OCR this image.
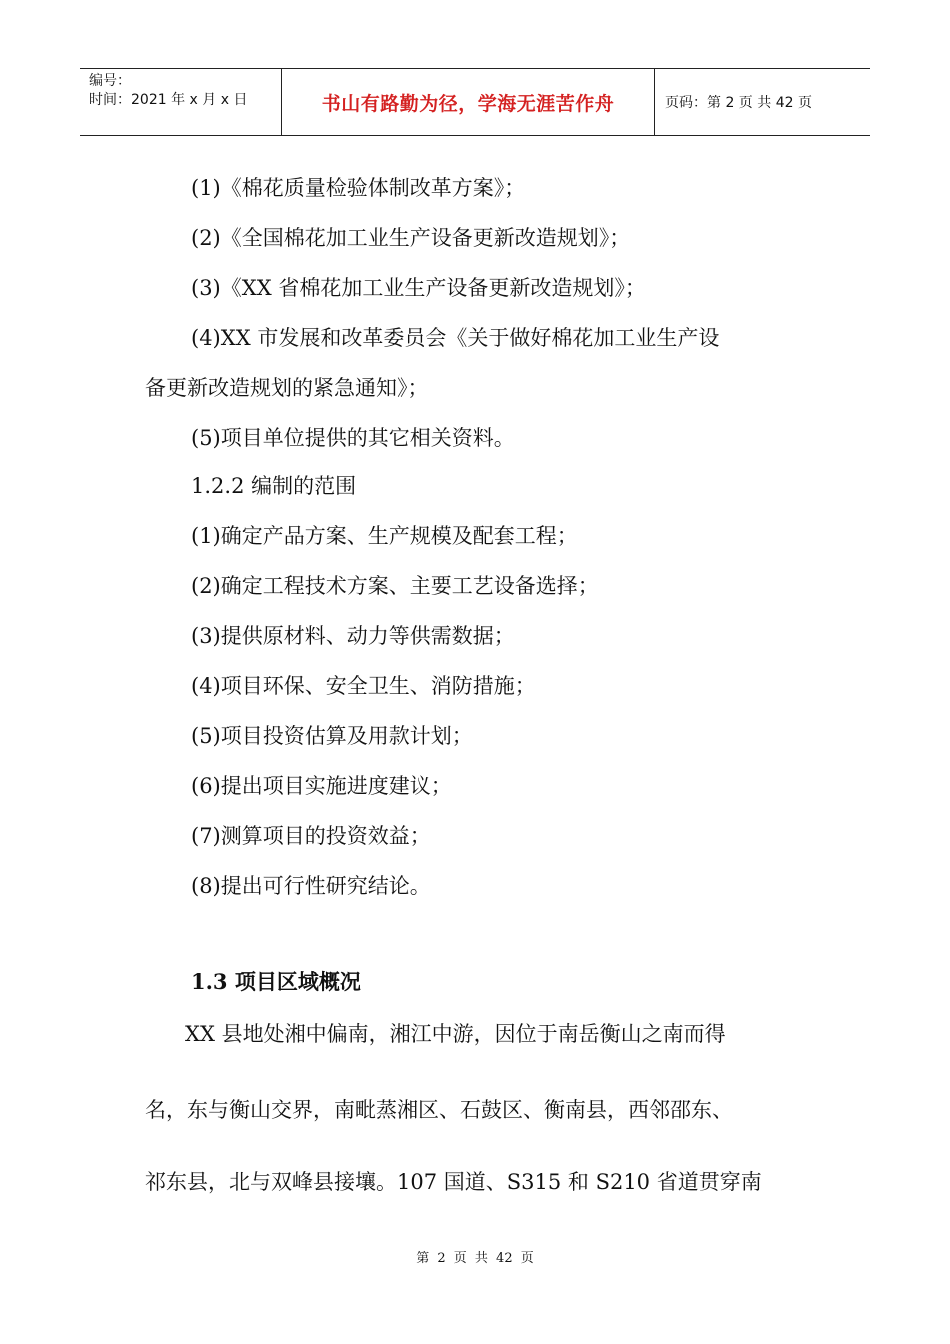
编号：
时间：2021 年 x 月 x 日	书山有路勤为径，学海无涯苦作舟	页码：第 2 页 共 42 页
(1)《棉花质量检验体制改革方案》；
(2)《全国棉花加工业生产设备更新改造规划》；
(3)《XX 省棉花加工业生产设备更新改造规划》；
(4)XX 市发展和改革委员会《关于做好棉花加工业生产设
备更新改造规划的紧急通知》；
(5)项目单位提供的其它相关资料。
1.2.2 编制的范围
(1)确定产品方案、生产规模及配套工程；
(2)确定工程技术方案、主要工艺设备选择；
(3)提供原材料、动力等供需数据；
(4)项目环保、安全卫生、消防措施；
(5)项目投资估算及用款计划；
(6)提出项目实施进度建议；
(7)测算项目的投资效益；
(8)提出可行性研究结论。
1.3 项目区域概况
XX 县地处湘中偏南，湘江中游，因位于南岳衡山之南而得
名，东与衡山交界，南毗蒸湘区、石鼓区、衡南县，西邻邵东、
祁东县，北与双峰县接壤。107 国道、S315 和 S210 省道贯穿南
第 2 页 共 42 页
